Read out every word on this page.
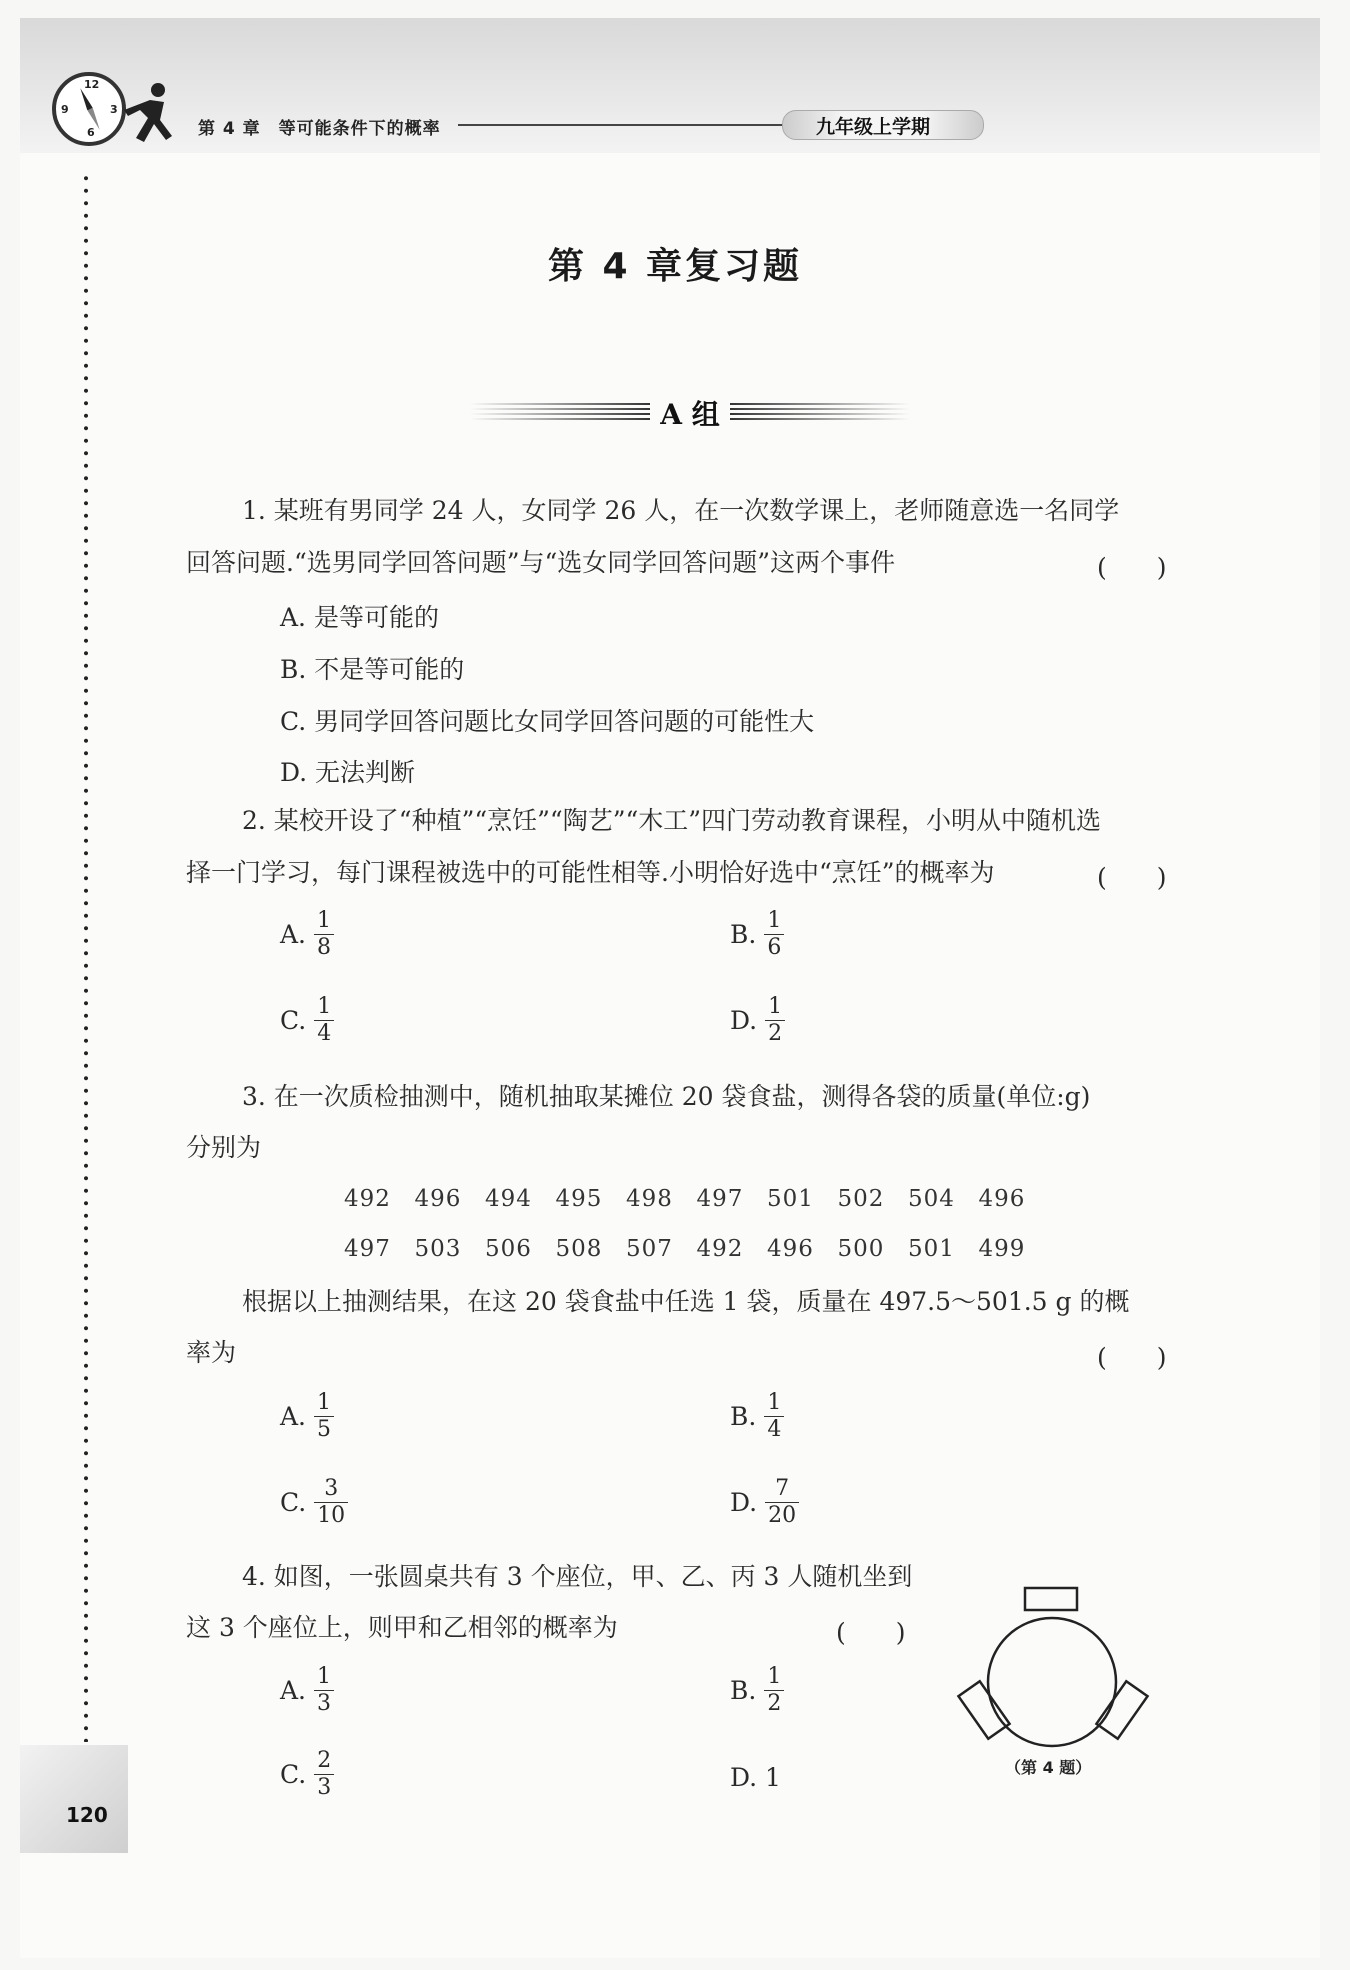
12
3
6
9
第 4 章　等可能条件下的概率	九年级上学期
第 4 章复习题
A 组
1. 某班有男同学 24 人，女同学 26 人，在一次数学课上，老师随意选一名同学
回答问题.“选男同学回答问题”与“选女同学回答问题”这两个事件	(　　)
A. 是等可能的
B. 不是等可能的
C. 男同学回答问题比女同学回答问题的可能性大
D. 无法判断
2. 某校开设了“种植”“烹饪”“陶艺”“木工”四门劳动教育课程，小明从中随机选
择一门学习，每门课程被选中的可能性相等.小明恰好选中“烹饪”的概率为	(　　)
A. $\frac{1}{8}$	B. $\frac{1}{6}$
C. $\frac{1}{4}$	D. $\frac{1}{2}$
3. 在一次质检抽测中，随机抽取某摊位 20 袋食盐，测得各袋的质量(单位:g)
分别为
492 496 494 495 498 497 501 502 504 496
497 503 506 508 507 492 496 500 501 499
根据以上抽测结果，在这 20 袋食盐中任选 1 袋，质量在 497.5～501.5 g 的概
率为	(　　)
A. $\frac{1}{5}$	B. $\frac{1}{4}$
C. $\frac{3}{10}$	D. $\frac{7}{20}$
4. 如图，一张圆桌共有 3 个座位，甲、乙、丙 3 人随机坐到
这 3 个座位上，则甲和乙相邻的概率为	(　　)
A. $\frac{1}{3}$	B. $\frac{1}{2}$
C. $\frac{2}{3}$	D. 1	（第 4 题）
120
